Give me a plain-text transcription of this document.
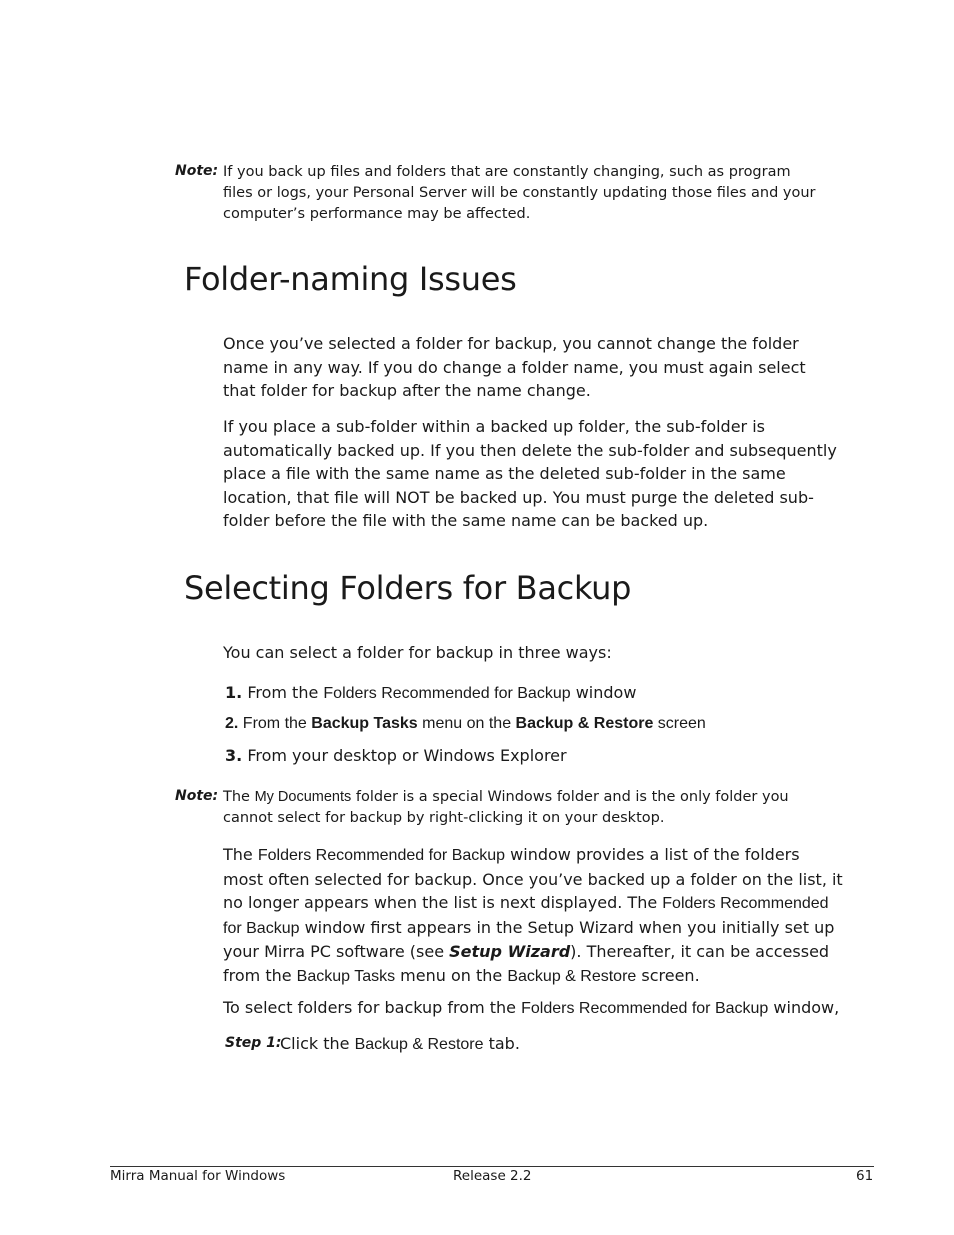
Note: If you back up files and folders that are constantly changing, such as program files or logs, your Personal Server will be constantly updating those files and your computer’s performance may be affected.
Folder-naming Issues
Once you’ve selected a folder for backup, you cannot change the folder name in any way. If you do change a folder name, you must again select that folder for backup after the name change.
If you place a sub-folder within a backed up folder, the sub-folder is automatically backed up. If you then delete the sub-folder and subsequently place a file with the same name as the deleted sub-folder in the same location, that file will NOT be backed up. You must purge the deleted sub-folder before the file with the same name can be backed up.
Selecting Folders for Backup
You can select a folder for backup in three ways:
1. From the Folders Recommended for Backup window
2. From the Backup Tasks menu on the Backup & Restore screen
3. From your desktop or Windows Explorer
Note: The My Documents folder is a special Windows folder and is the only folder you cannot select for backup by right-clicking it on your desktop.
The Folders Recommended for Backup window provides a list of the folders most often selected for backup. Once you’ve backed up a folder on the list, it no longer appears when the list is next displayed. The Folders Recommended for Backup window first appears in the Setup Wizard when you initially set up your Mirra PC software (see Setup Wizard). Thereafter, it can be accessed from the Backup Tasks menu on the Backup & Restore screen.
To select folders for backup from the Folders Recommended for Backup window,
Step 1:
Click the Backup & Restore tab.
Mirra Manual for Windows	Release 2.2	61
